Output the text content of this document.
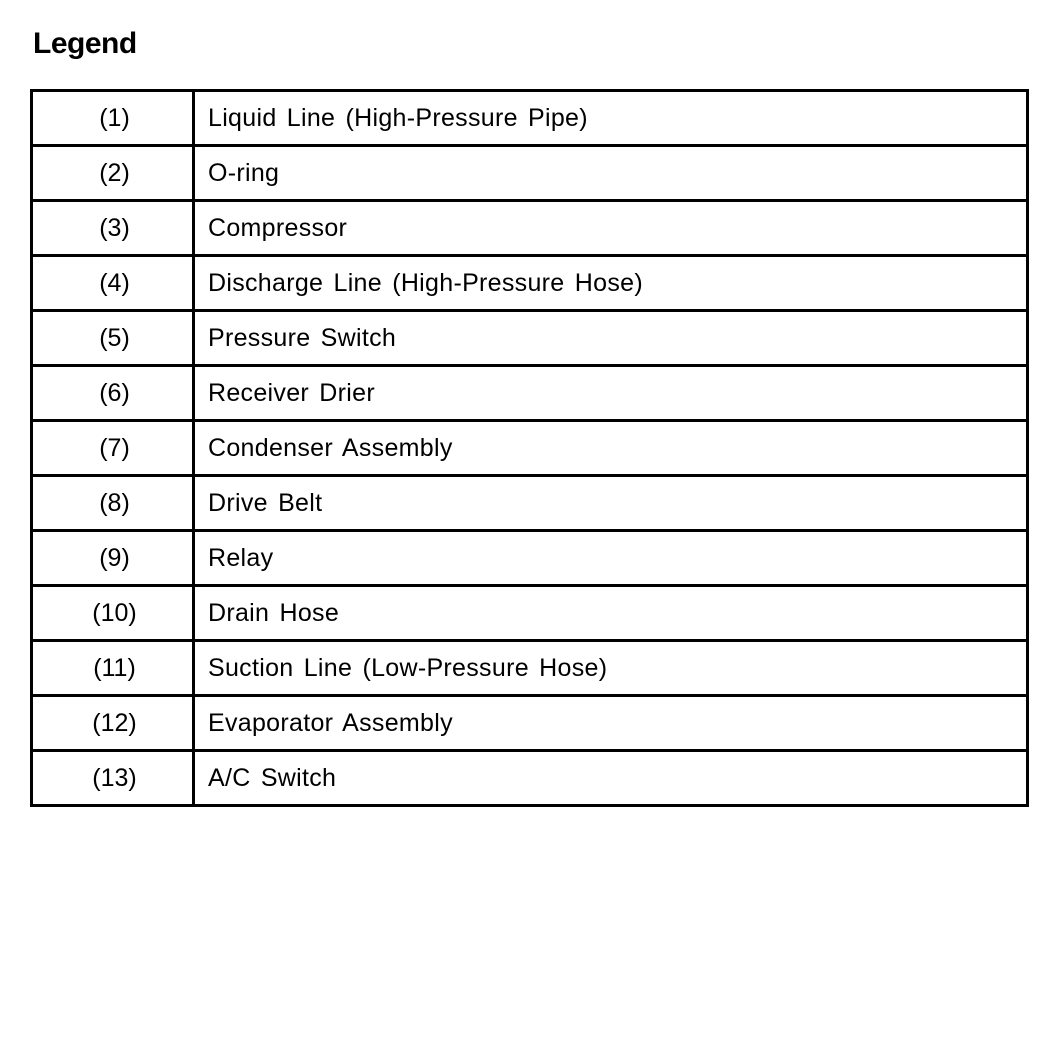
Legend
(1)	Liquid Line (High-Pressure Pipe)
(2)	O-ring
(3)	Compressor
(4)	Discharge Line (High-Pressure Hose)
(5)	Pressure Switch
(6)	Receiver Drier
(7)	Condenser Assembly
(8)	Drive Belt
(9)	Relay
(10)	Drain Hose
(11)	Suction Line (Low-Pressure Hose)
(12)	Evaporator Assembly
(13)	A/C Switch
